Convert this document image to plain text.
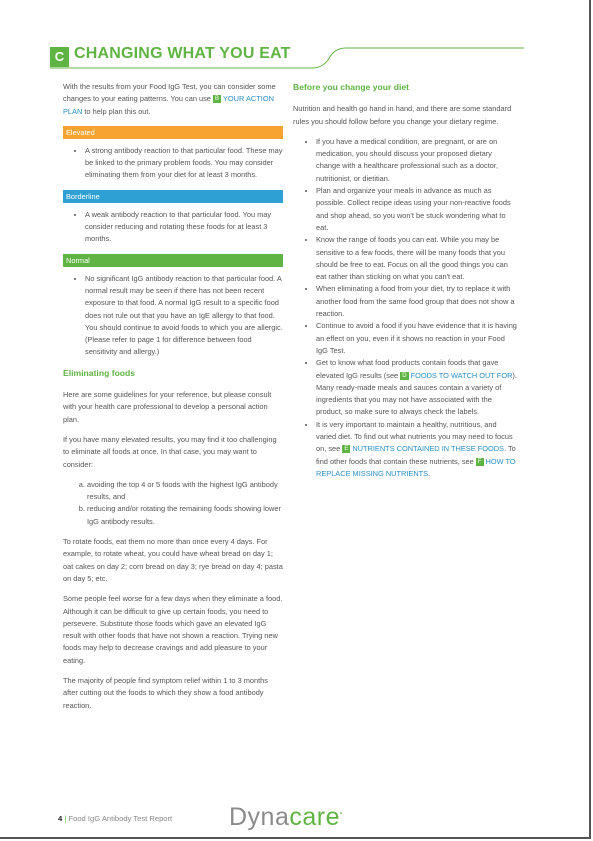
C CHANGING WHAT YOU EAT

With the results from your Food IgG Test, you can consider some changes to your eating patterns. You can use B YOUR ACTION PLAN to help plan this out.

Elevated
• A strong antibody reaction to that particular food. These may be linked to the primary problem foods. You may consider eliminating them from your diet for at least 3 months.
Borderline
• A weak antibody reaction to that particular food. You may consider reducing and rotating these foods for at least 3 months.
Normal
• No significant IgG antibody reaction to that particular food. A normal result may be seen if there has not been recent exposure to that food. A normal IgG result to a specific food does not rule out that you have an IgE allergy to that food. You should continue to avoid foods to which you are allergic. (Please refer to page 1 for difference between food sensitivity and allergy.)
Eliminating foods

Here are some guidelines for your reference, but please consult with your health care professional to develop a personal action plan.

If you have many elevated results, you may find it too challenging to eliminate all foods at once. In that case, you may want to consider:

a. avoiding the top 4 or 5 foods with the highest IgG antibody results, and
b. reducing and/or rotating the remaining foods showing lower IgG antibody results.

To rotate foods, eat them no more than once every 4 days. For example, to rotate wheat, you could have wheat bread on day 1; oat cakes on day 2; corn bread on day 3; rye bread on day 4; pasta on day 5; etc.

Some people feel worse for a few days when they eliminate a food. Although it can be difficult to give up certain foods, you need to persevere. Substitute those foods which gave an elevated IgG result with other foods that have not shown a reaction. Trying new foods may help to decrease cravings and add pleasure to your eating.

The majority of people find symptom relief within 1 to 3 months after cutting out the foods to which they show a food antibody reaction.

Before you change your diet

Nutrition and health go hand in hand, and there are some standard rules you should follow before you change your dietary regime.

• If you have a medical condition, are pregnant, or are on medication, you should discuss your proposed dietary change with a healthcare professional such as a doctor, nutritionist, or dietitian.
• Plan and organize your meals in advance as much as possible. Collect recipe ideas using your non-reactive foods and shop ahead, so you won't be stuck wondering what to eat.
• Know the range of foods you can eat. While you may be sensitive to a few foods, there will be many foods that you should be free to eat. Focus on all the good things you can eat rather than sticking on what you can't eat.
• When eliminating a food from your diet, try to replace it with another food from the same food group that does not show a reaction.
• Continue to avoid a food if you have evidence that it is having an effect on you, even if it shows no reaction in your Food IgG Test.
• Get to know what food products contain foods that gave elevated IgG results (see D FOODS TO WATCH OUT FOR). Many ready-made meals and sauces contain a variety of ingredients that you may not have associated with the product, so make sure to always check the labels.
• It is very important to maintain a healthy, nutritious, and varied diet. To find out what nutrients you may need to focus on, see E NUTRIENTS CONTAINED IN THESE FOODS. To find other foods that contain these nutrients, see F HOW TO REPLACE MISSING NUTRIENTS.
4 | Food IgG Antibody Test Report Dynacare•
